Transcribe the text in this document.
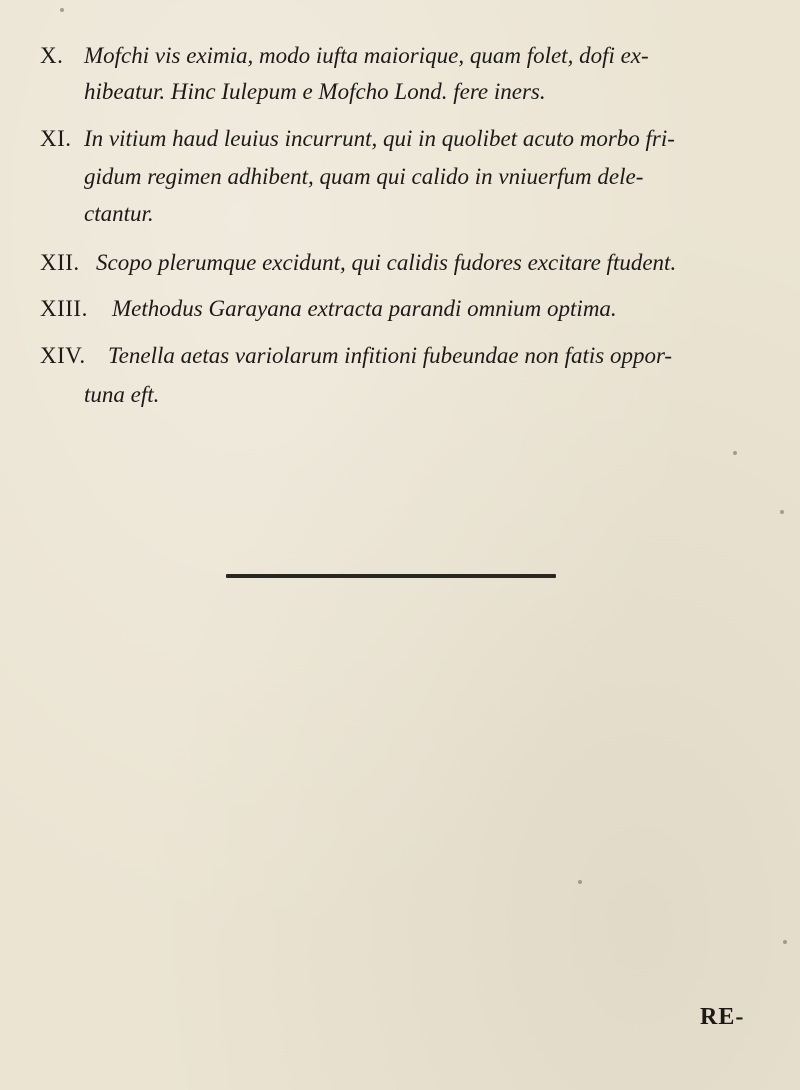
X. Mofchi vis eximia, modo iufta maiorique, quam folet, dofi ex-
hibeatur. Hinc Iulepum e Mofcho Lond. fere iners.
XI. In vitium haud leuius incurrunt, qui in quolibet acuto morbo fri-
gidum regimen adhibent, quam qui calido in vniuerfum dele-
ctantur.
XII. Scopo plerumque excidunt, qui calidis fudores excitare ftudent.
XIII. Methodus Garayana extracta parandi omnium optima.
XIV. Tenella aetas variolarum infitioni fubeundae non fatis oppor-
tuna eft.
RE-
